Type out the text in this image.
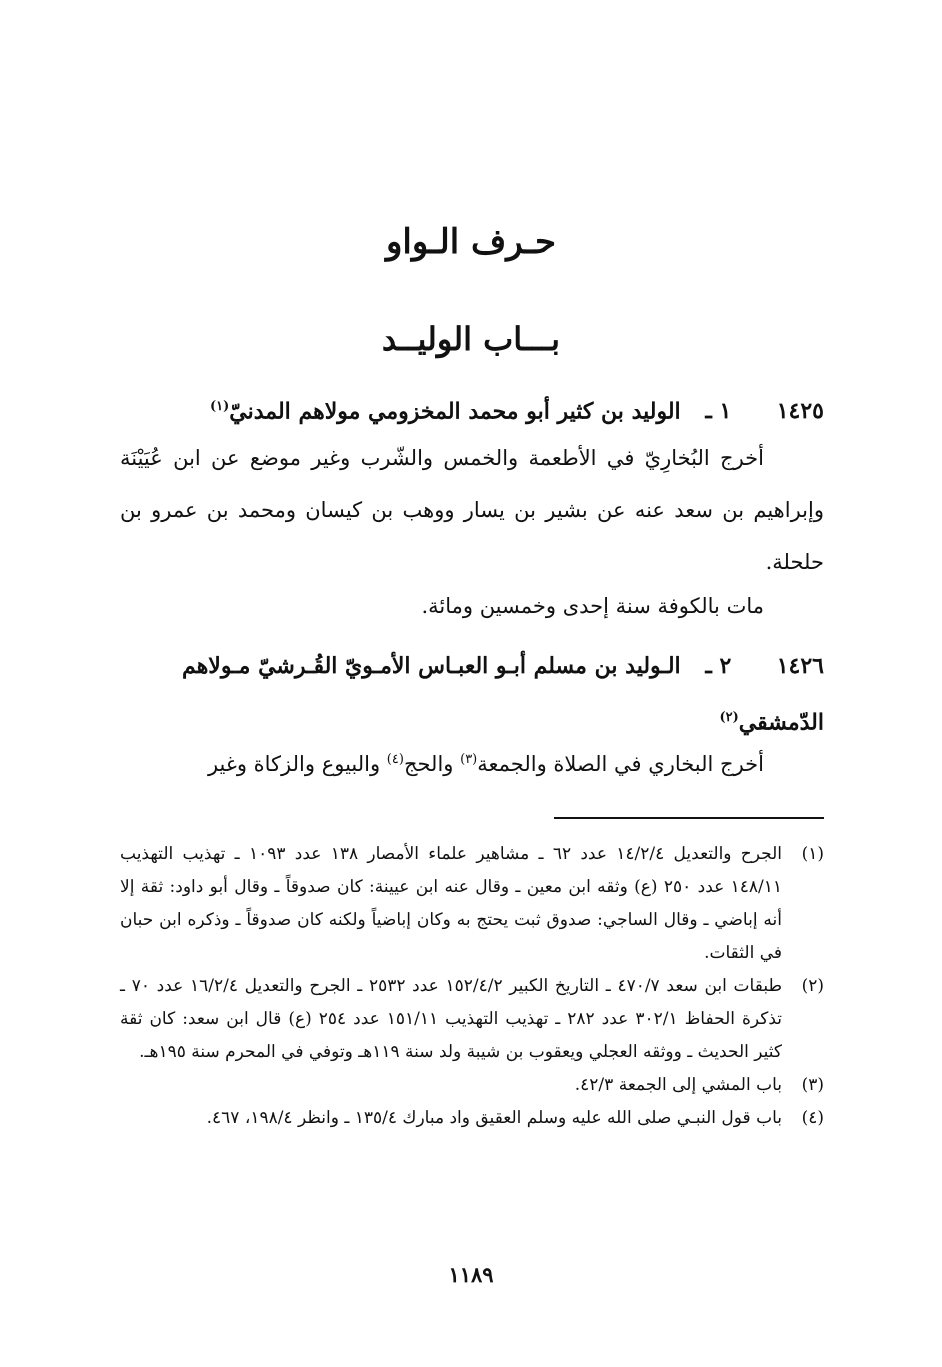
حـرف الـواو
بـــاب الوليــد
١٤٢٥ ١ ـ الوليد بن كثير أبو محمد المخزومي مولاهم المدنيّ$^{(١)}$
أخرج البُخارِيّ في الأطعمة والخمس والشّرب وغير موضع عن ابن عُيَيْنَة وإبراهيم بن سعد عنه عن بشير بن يسار ووهب بن كيسان ومحمد بن عمرو بن حلحلة.
مات بالكوفة سنة إحدى وخمسين ومائة.
١٤٢٦ ٢ ـ الـوليد بن مسلم أبـو العبـاس الأمـويّ القُـرشيّ مـولاهم الدّمشقي$^{(٢)}$
أخرج البخاري في الصلاة والجمعة$^{(٣)}$ والحج$^{(٤)}$ والبيوع والزكاة وغير
(١)
الجرح والتعديل ١٤/٢/٤ عدد ٦٢ ـ مشاهير علماء الأمصار ١٣٨ عدد ١٠٩٣ ـ تهذيب التهذيب ١٤٨/١١ عدد ٢٥٠ (ع) وثقه ابن معين ـ وقال عنه ابن عيينة: كان صدوقاً ـ وقال أبو داود: ثقة إلا أنه إباضي ـ وقال الساجي: صدوق ثبت يحتج به وكان إباضياً ولكنه كان صدوقاً ـ وذكره ابن حبان في الثقات.
(٢)
طبقات ابن سعد ٤٧٠/٧ ـ التاريخ الكبير ١٥٢/٤/٢ عدد ٢٥٣٢ ـ الجرح والتعديل ١٦/٢/٤ عدد ٧٠ ـ تذكرة الحفاظ ٣٠٢/١ عدد ٢٨٢ ـ تهذيب التهذيب ١٥١/١١ عدد ٢٥٤ (ع) قال ابن سعد: كان ثقة كثير الحديث ـ ووثقه العجلي ويعقوب بن شيبة ولد سنة ١١٩هـ وتوفي في المحرم سنة ١٩٥هـ.
(٣)
باب المشي إلى الجمعة ٤٢/٣.
(٤)
باب قول النبـي صلى الله عليه وسلم العقيق واد مبارك ١٣٥/٤ ـ وانظر ١٩٨/٤، ٤٦٧.
١١٨٩
